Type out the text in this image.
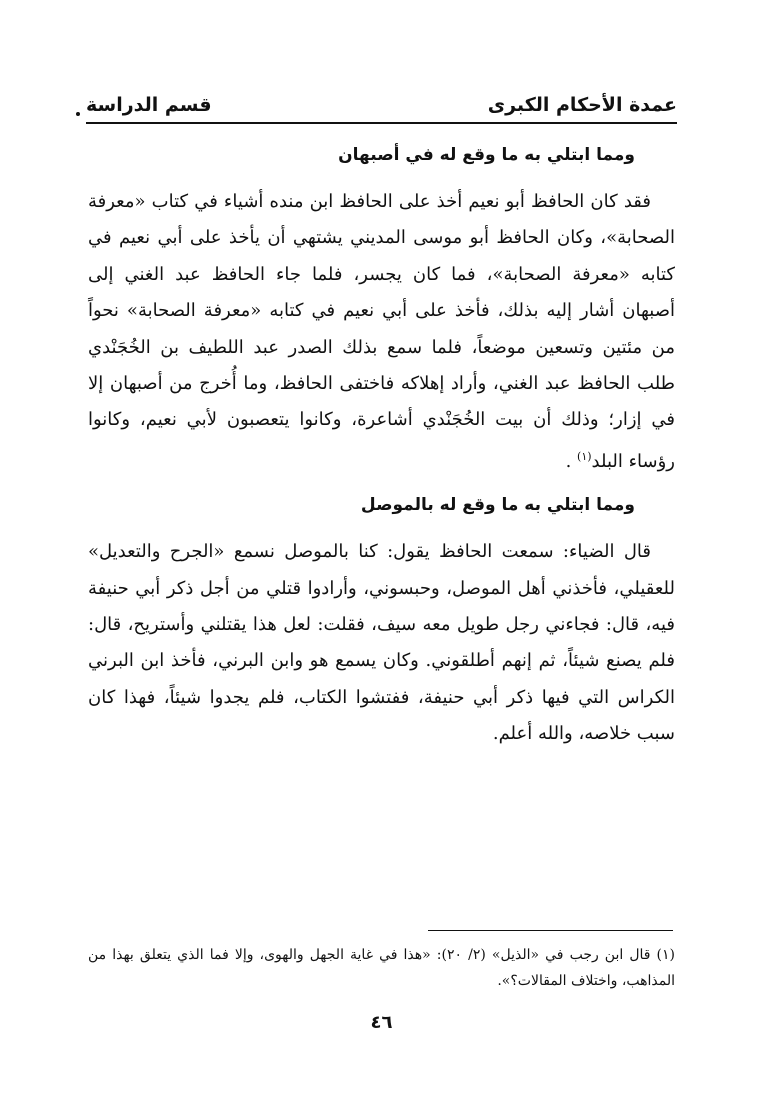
عمدة الأحكام الكبرى
قسم الدراسة
ومما ابتلي به ما وقع له في أصبهان

فقد كان الحافظ أبو نعيم أخذ على الحافظ ابن منده أشياء في كتاب «معرفة الصحابة»، وكان الحافظ أبو موسى المديني يشتهي أن يأخذ على أبي نعيم في كتابه «معرفة الصحابة»، فما كان يجسر، فلما جاء الحافظ عبد الغني إلى أصبهان أشار إليه بذلك، فأخذ على أبي نعيم في كتابه «معرفة الصحابة» نحواً من مئتين وتسعين موضعاً، فلما سمع بذلك الصدر عبد اللطيف بن الخُجَنْدي طلب الحافظ عبد الغني، وأراد إهلاكه فاختفى الحافظ، وما أُخرج من أصبهان إلا في إزار؛ وذلك أن بيت الخُجَنْدي أشاعرة، وكانوا يتعصبون لأبي نعيم، وكانوا رؤساء البلد$^{(١)}$ .

ومما ابتلي به ما وقع له بالموصل

قال الضياء: سمعت الحافظ يقول: كنا بالموصل نسمع «الجرح والتعديل» للعقيلي، فأخذني أهل الموصل، وحبسوني، وأرادوا قتلي من أجل ذكر أبي حنيفة فيه، قال: فجاءني رجل طويل معه سيف، فقلت: لعل هذا يقتلني وأستريح، قال: فلم يصنع شيئاً، ثم إنهم أطلقوني. وكان يسمع هو وابن البرني، فأخذ ابن البرني الكراس التي فيها ذكر أبي حنيفة، ففتشوا الكتاب، فلم يجدوا شيئاً، فهذا كان سبب خلاصه، والله أعلم.

(١) قال ابن رجب في «الذيل» (٢/ ٢٠): «هذا في غاية الجهل والهوى، وإلا فما الذي يتعلق بهذا من المذاهب، واختلاف المقالات؟».
٤٦
